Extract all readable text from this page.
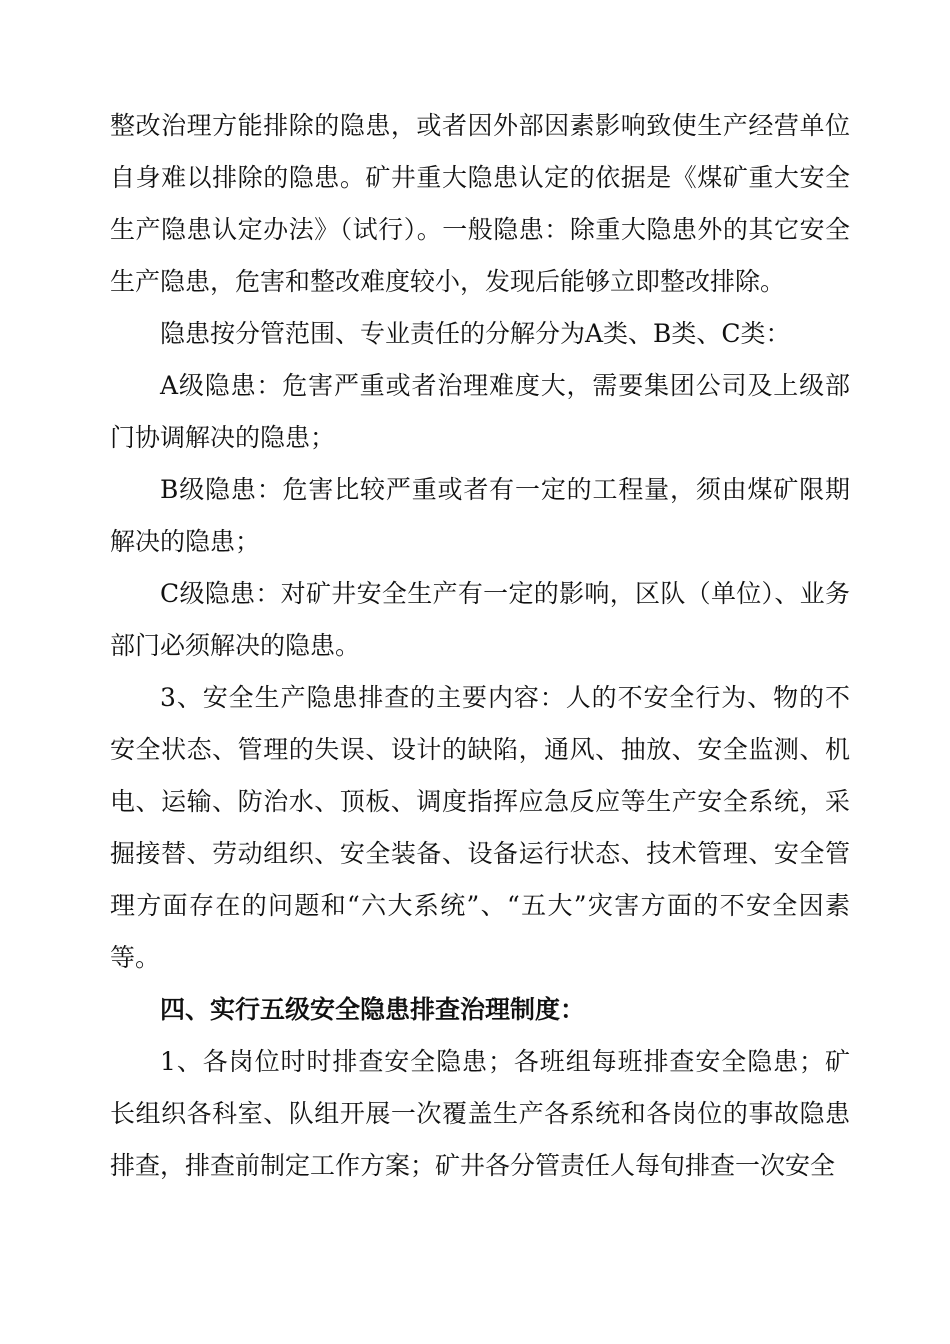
整改治理方能排除的隐患，或者因外部因素影响致使生产经营单位自身难以排除的隐患。矿井重大隐患认定的依据是《煤矿重大安全生产隐患认定办法》（试行）。一般隐患：除重大隐患外的其它安全生产隐患，危害和整改难度较小，发现后能够立即整改排除。

隐患按分管范围、专业责任的分解分为A类、B类、C类：

A级隐患：危害严重或者治理难度大，需要集团公司及上级部门协调解决的隐患；

B级隐患：危害比较严重或者有一定的工程量，须由煤矿限期解决的隐患；

C级隐患：对矿井安全生产有一定的影响，区队（单位）、业务部门必须解决的隐患。

3、安全生产隐患排查的主要内容：人的不安全行为、物的不安全状态、管理的失误、设计的缺陷，通风、抽放、安全监测、机电、运输、防治水、顶板、调度指挥应急反应等生产安全系统，采掘接替、劳动组织、安全装备、设备运行状态、技术管理、安全管理方面存在的问题和“六大系统”、“五大”灾害方面的不安全因素等。

四、实行五级安全隐患排查治理制度：

1、各岗位时时排查安全隐患；各班组每班排查安全隐患；矿长组织各科室、队组开展一次覆盖生产各系统和各岗位的事故隐患排查，排查前制定工作方案；矿井各分管责任人每旬排查一次安全
